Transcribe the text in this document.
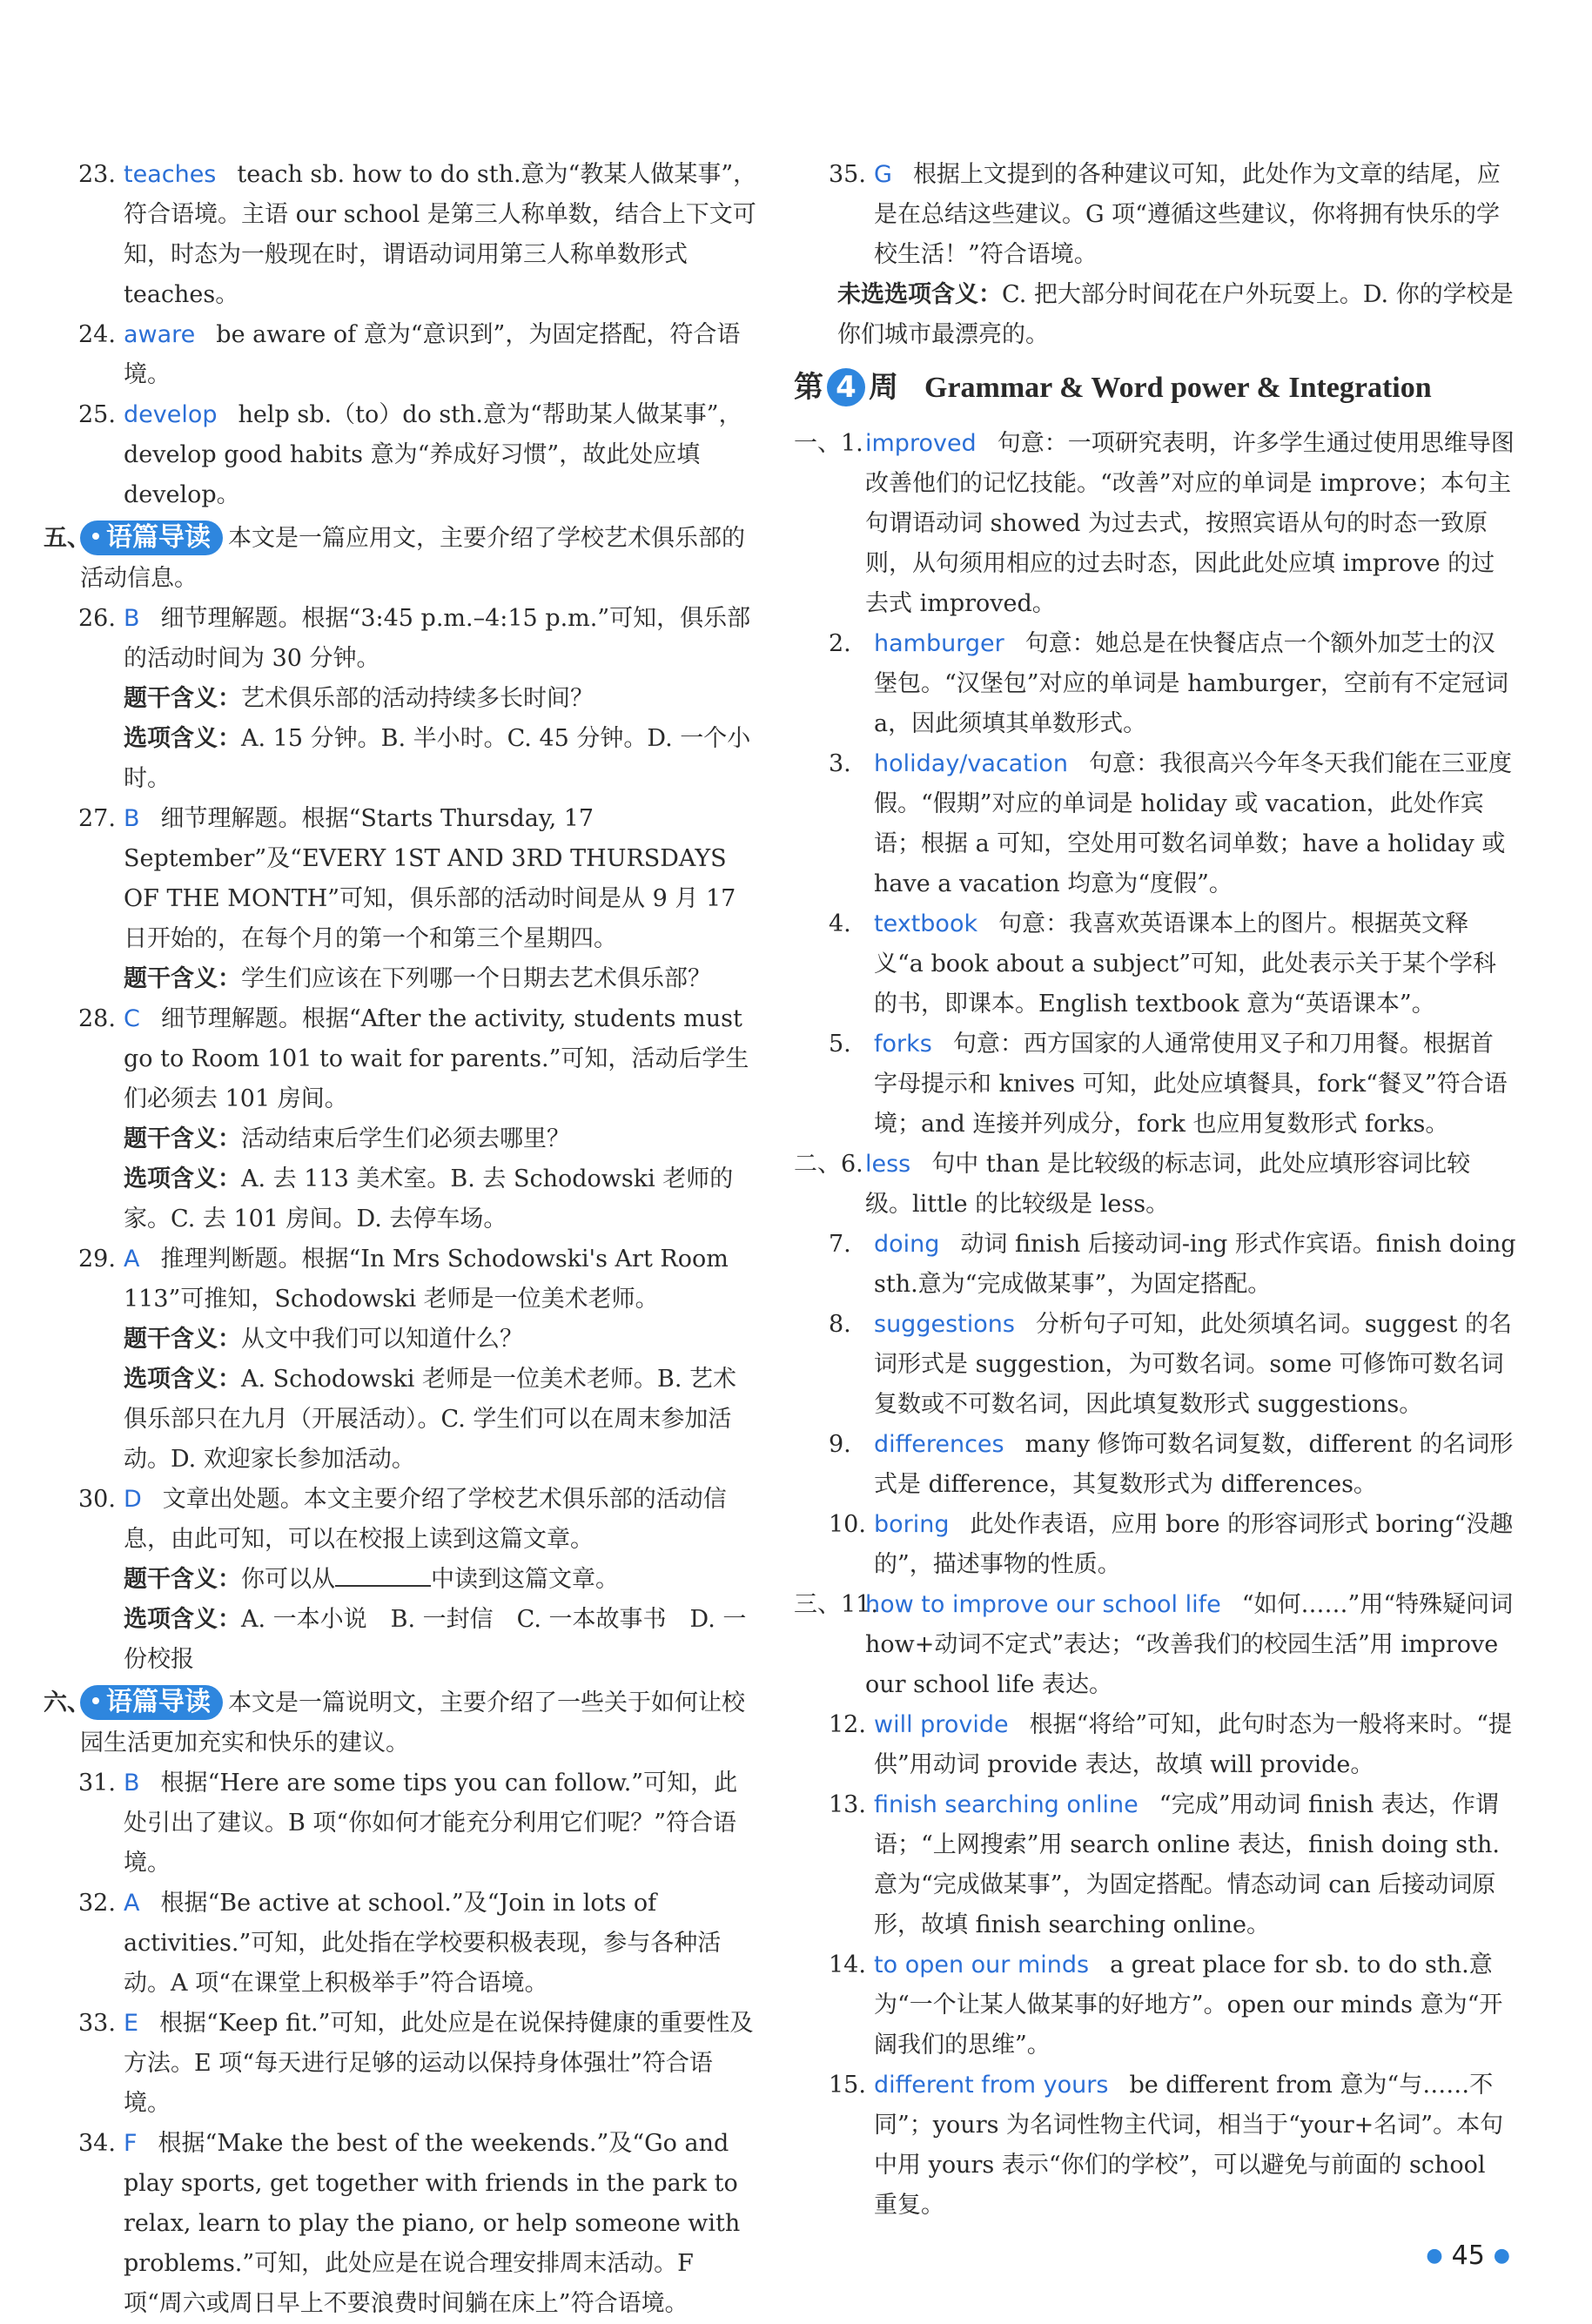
23. teaches teach sb. how to do sth.意为“教某人做某事”，符合语境。主语 our school 是第三人称单数，结合上下文可知，时态为一般现在时，谓语动词用第三人称单数形式 teaches。
24. aware be aware of 意为“意识到”，为固定搭配，符合语境。
25. develop help sb.（to）do sth.意为“帮助某人做某事”，develop good habits 意为“养成好习惯”，故此处应填 develop。
五、 语篇导读 本文是一篇应用文，主要介绍了学校艺术俱乐部的活动信息。
26. B 细节理解题。根据“3:45 p.m.–4:15 p.m.”可知，俱乐部的活动时间为 30 分钟。
题干含义：艺术俱乐部的活动持续多长时间？
选项含义：A. 15 分钟。B. 半小时。C. 45 分钟。D. 一个小时。
27. B 细节理解题。根据“Starts Thursday, 17 September”及“EVERY 1ST AND 3RD THURSDAYS OF THE MONTH”可知，俱乐部的活动时间是从 9 月 17 日开始的，在每个月的第一个和第三个星期四。
题干含义：学生们应该在下列哪一个日期去艺术俱乐部？
28. C 细节理解题。根据“After the activity, students must go to Room 101 to wait for parents.”可知，活动后学生们必须去 101 房间。
题干含义：活动结束后学生们必须去哪里？
选项含义：A. 去 113 美术室。B. 去 Schodowski 老师的家。C. 去 101 房间。D. 去停车场。
29. A 推理判断题。根据“In Mrs Schodowski's Art Room 113”可推知，Schodowski 老师是一位美术老师。
题干含义：从文中我们可以知道什么？
选项含义：A. Schodowski 老师是一位美术老师。B. 艺术俱乐部只在九月（开展活动）。C. 学生们可以在周末参加活动。D. 欢迎家长参加活动。
30. D 文章出处题。本文主要介绍了学校艺术俱乐部的活动信息，由此可知，可以在校报上读到这篇文章。
题干含义：你可以从	中读到这篇文章。
选项含义：A. 一本小说　B. 一封信　C. 一本故事书　D. 一份校报
六、 语篇导读 本文是一篇说明文，主要介绍了一些关于如何让校园生活更加充实和快乐的建议。
31. B 根据“Here are some tips you can follow.”可知，此处引出了建议。B 项“你如何才能充分利用它们呢？”符合语境。
32. A 根据“Be active at school.”及“Join in lots of activities.”可知，此处指在学校要积极表现，参与各种活动。A 项“在课堂上积极举手”符合语境。
33. E 根据“Keep fit.”可知，此处应是在说保持健康的重要性及方法。E 项“每天进行足够的运动以保持身体强壮”符合语境。
34. F 根据“Make the best of the weekends.”及“Go and play sports, get together with friends in the park to relax, learn to play the piano, or help someone with problems.”可知，此处应是在说合理安排周末活动。F 项“周六或周日早上不要浪费时间躺在床上”符合语境。
35. G 根据上文提到的各种建议可知，此处作为文章的结尾，应是在总结这些建议。G 项“遵循这些建议，你将拥有快乐的学校生活！”符合语境。
未选选项含义：C. 把大部分时间花在户外玩耍上。D. 你的学校是你们城市最漂亮的。
第 4 周 Grammar & Word power & Integration
一、1. improved 句意：一项研究表明，许多学生通过使用思维导图改善他们的记忆技能。“改善”对应的单词是 improve；本句主句谓语动词 showed 为过去式，按照宾语从句的时态一致原则，从句须用相应的过去时态，因此此处应填 improve 的过去式 improved。
2. hamburger 句意：她总是在快餐店点一个额外加芝士的汉堡包。“汉堡包”对应的单词是 hamburger，空前有不定冠词 a，因此须填其单数形式。
3. holiday/vacation 句意：我很高兴今年冬天我们能在三亚度假。“假期”对应的单词是 holiday 或 vacation，此处作宾语；根据 a 可知，空处用可数名词单数；have a holiday 或 have a vacation 均意为“度假”。
4. textbook 句意：我喜欢英语课本上的图片。根据英文释义“a book about a subject”可知，此处表示关于某个学科的书，即课本。English textbook 意为“英语课本”。
5. forks 句意：西方国家的人通常使用叉子和刀用餐。根据首字母提示和 knives 可知，此处应填餐具，fork“餐叉”符合语境；and 连接并列成分，fork 也应用复数形式 forks。
二、6. less 句中 than 是比较级的标志词，此处应填形容词比较级。little 的比较级是 less。
7. doing 动词 finish 后接动词-ing 形式作宾语。finish doing sth.意为“完成做某事”，为固定搭配。
8. suggestions 分析句子可知，此处须填名词。suggest 的名词形式是 suggestion，为可数名词。some 可修饰可数名词复数或不可数名词，因此填复数形式 suggestions。
9. differences many 修饰可数名词复数，different 的名词形式是 difference，其复数形式为 differences。
10. boring 此处作表语，应用 bore 的形容词形式 boring“没趣的”，描述事物的性质。
三、11.
how to improve our school life “如何……”用“特殊疑问词 how+动词不定式”表达；“改善我们的校园生活”用 improve our school life 表达。
12. will provide 根据“将给”可知，此句时态为一般将来时。“提供”用动词 provide 表达，故填 will provide。
13. finish searching online “完成”用动词 finish 表达，作谓语；“上网搜索”用 search online 表达，finish doing sth.意为“完成做某事”，为固定搭配。情态动词 can 后接动词原形，故填 finish searching online。
14. to open our minds a great place for sb. to do sth.意为“一个让某人做某事的好地方”。open our minds 意为“开阔我们的思维”。
15. different from yours be different from 意为“与……不同”；yours 为名词性物主代词，相当于“your+名词”。本句中用 yours 表示“你们的学校”，可以避免与前面的 school 重复。
● 45 ●
